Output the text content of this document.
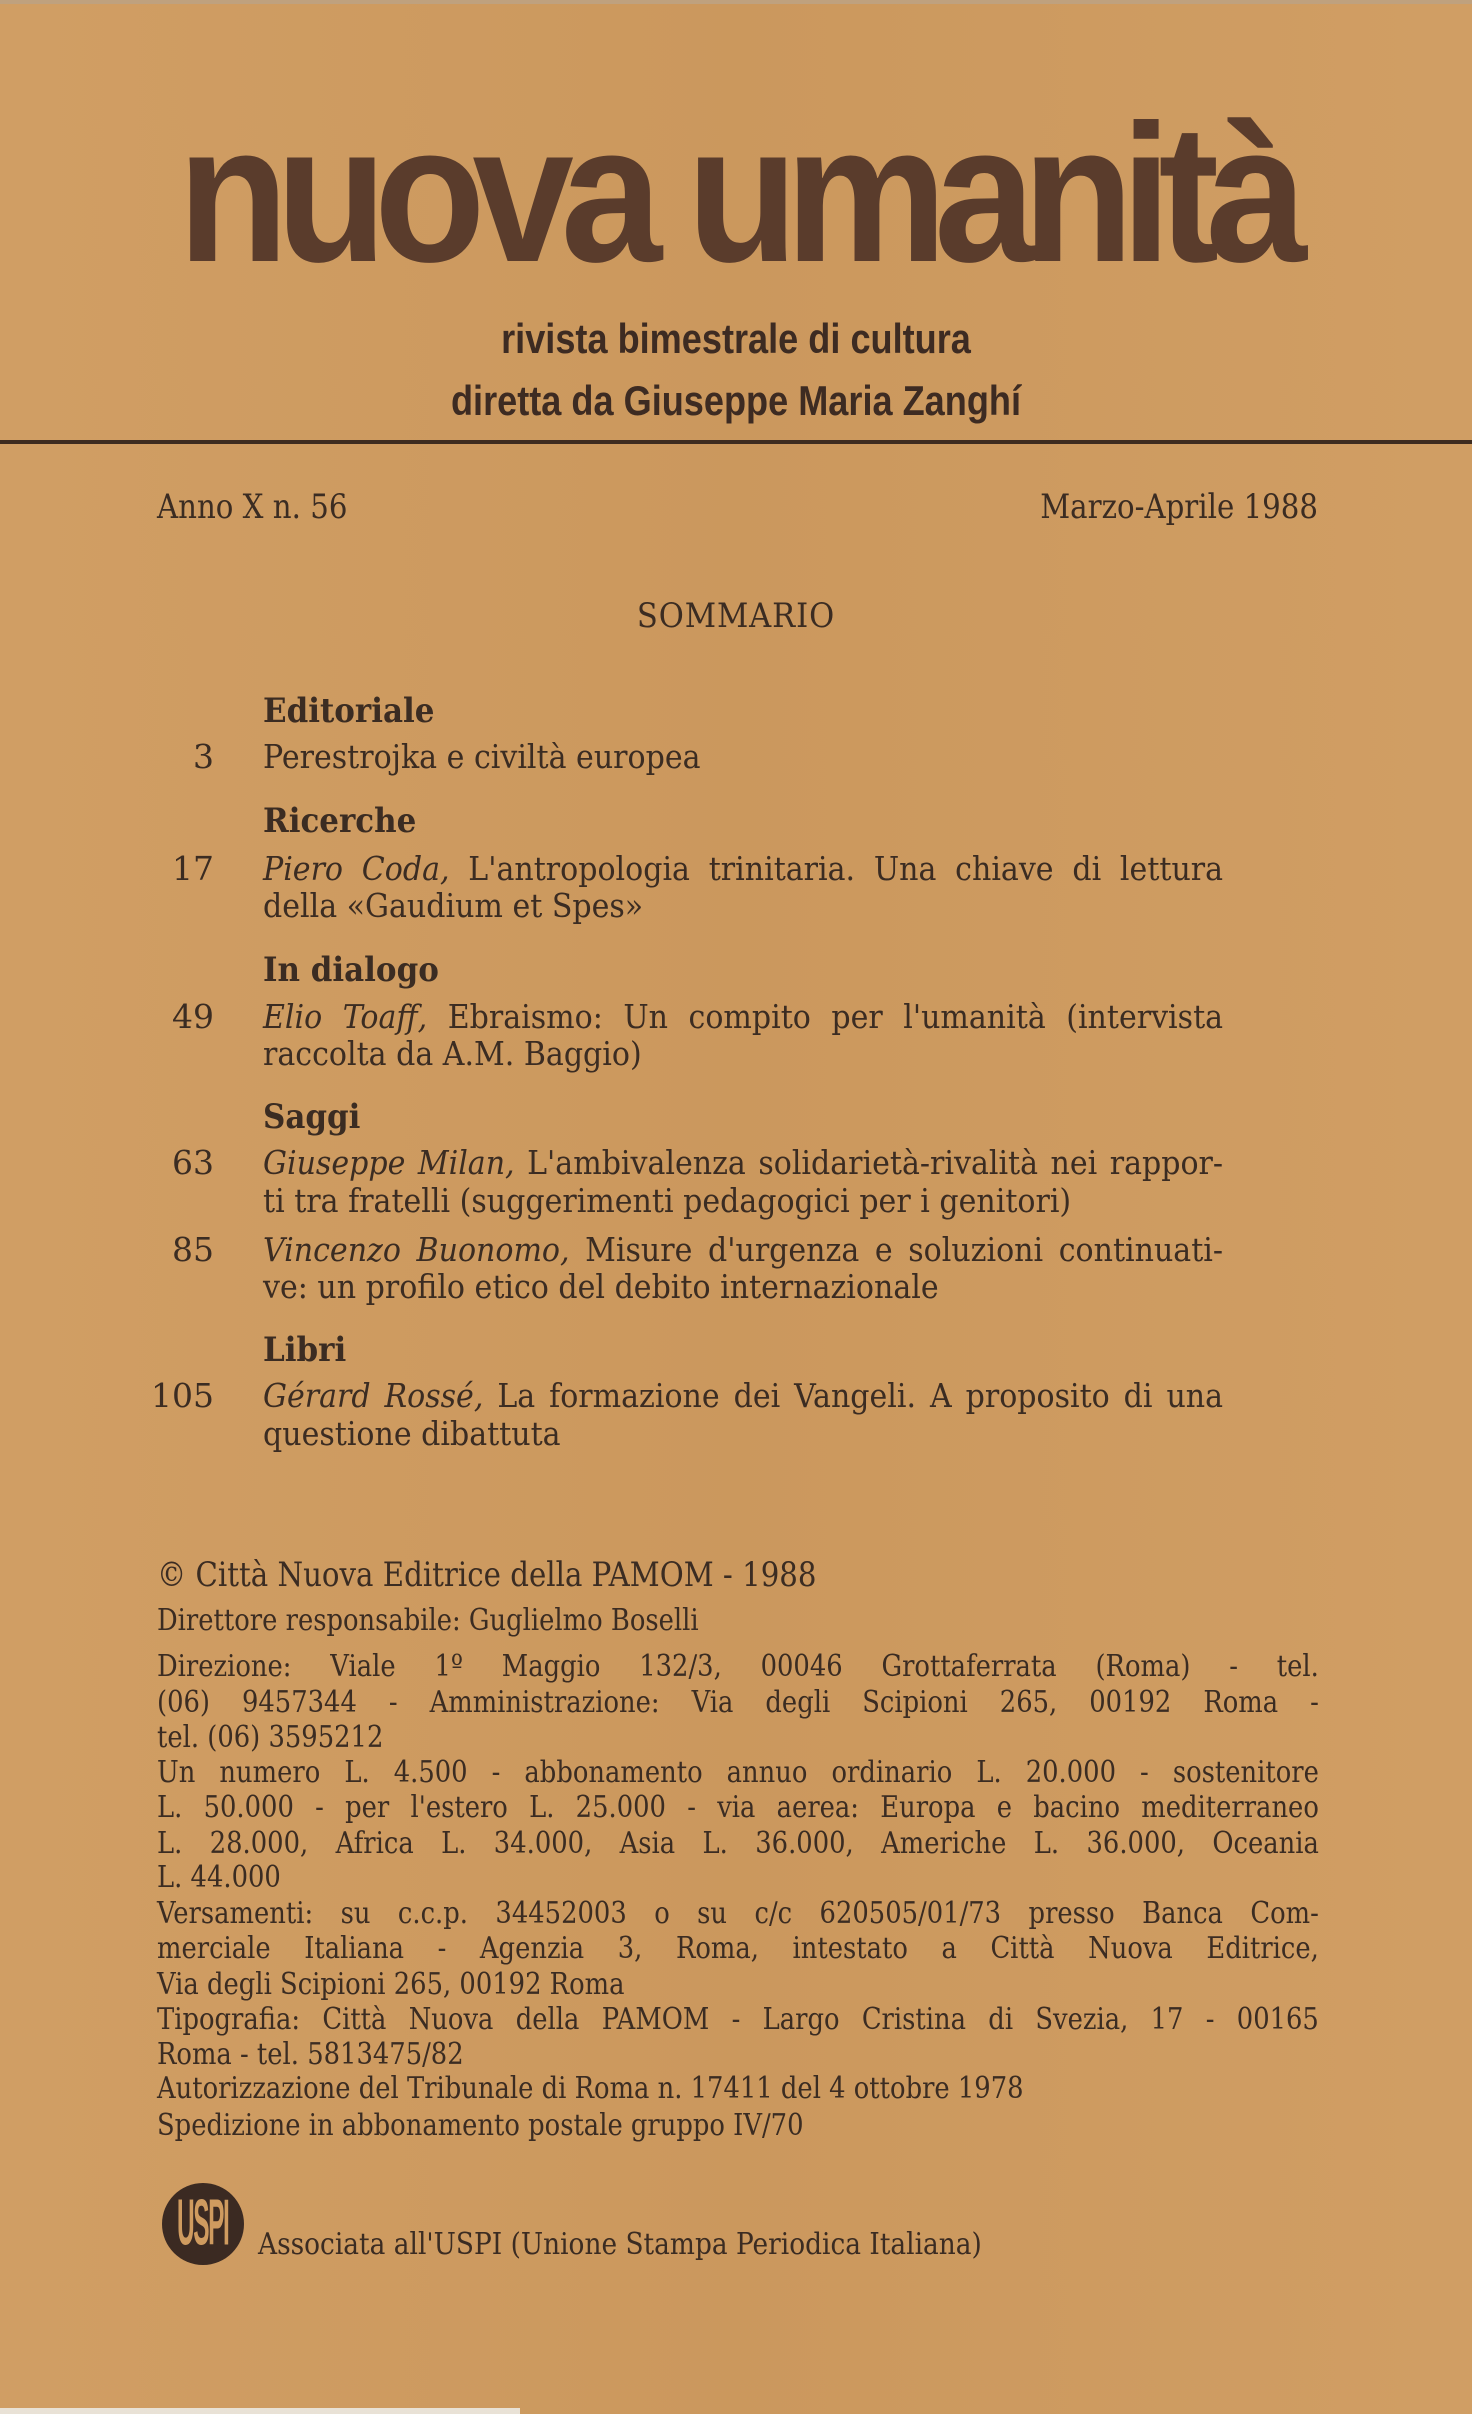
nuova umanità
rivista bimestrale di cultura
diretta da Giuseppe Maria Zanghí
Anno X n. 56	Marzo-Aprile 1988
SOMMARIO
Editoriale
3 Perestrojka e civiltà europea
Ricerche
17 Piero Coda, L'antropologia trinitaria. Una chiave di lettura
della «Gaudium et Spes»
In dialogo
49 Elio Toaff, Ebraismo: Un compito per l'umanità (intervista
raccolta da A.M. Baggio)
Saggi
63 Giuseppe Milan, L'ambivalenza solidarietà-rivalità nei rappor-
ti tra fratelli (suggerimenti pedagogici per i genitori)
85 Vincenzo Buonomo, Misure d'urgenza e soluzioni continuati-
ve: un profilo etico del debito internazionale
Libri
105 Gérard Rossé, La formazione dei Vangeli. A proposito di una
questione dibattuta
© Città Nuova Editrice della PAMOM - 1988
Direttore responsabile: Guglielmo Boselli
Direzione: Viale 1º Maggio 132/3, 00046 Grottaferrata (Roma) - tel.
(06) 9457344 - Amministrazione: Via degli Scipioni 265, 00192 Roma -
tel. (06) 3595212
Un numero L. 4.500 - abbonamento annuo ordinario L. 20.000 - sostenitore
L. 50.000 - per l'estero L. 25.000 - via aerea: Europa e bacino mediterraneo
L. 28.000, Africa L. 34.000, Asia L. 36.000, Americhe L. 36.000, Oceania
L. 44.000
Versamenti: su c.c.p. 34452003 o su c/c 620505/01/73 presso Banca Com-
merciale Italiana - Agenzia 3, Roma, intestato a Città Nuova Editrice,
Via degli Scipioni 265, 00192 Roma
Tipografia: Città Nuova della PAMOM - Largo Cristina di Svezia, 17 - 00165
Roma - tel. 5813475/82
Autorizzazione del Tribunale di Roma n. 17411 del 4 ottobre 1978
Spedizione in abbonamento postale gruppo IV/70
USPI Associata all'USPI (Unione Stampa Periodica Italiana)
